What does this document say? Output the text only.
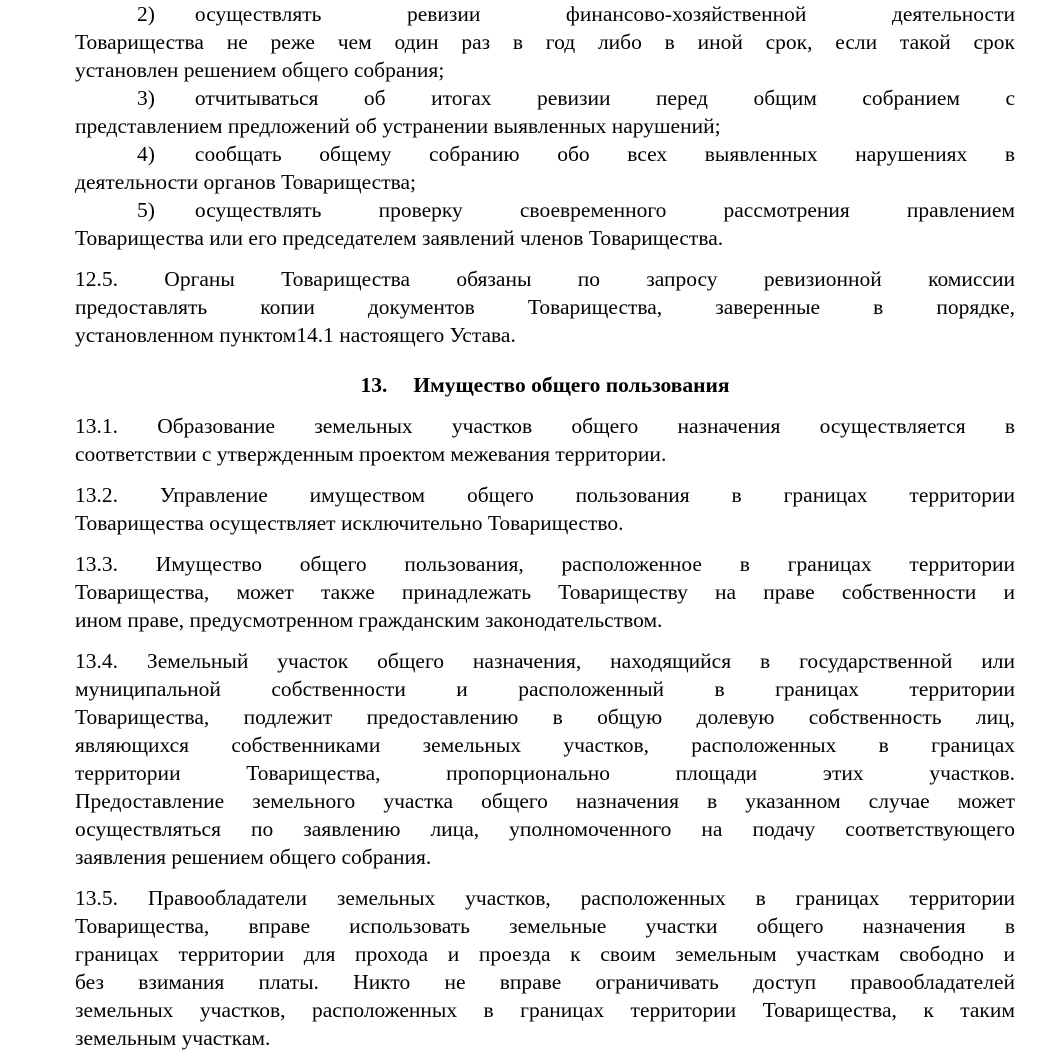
2) осуществлять ревизии финансово-хозяйственной деятельности
Товарищества не реже чем один раз в год либо в иной срок, если такой срок
установлен решением общего собрания;
3) отчитываться об итогах ревизии перед общим собранием с
представлением предложений об устранении выявленных нарушений;
4) сообщать общему собранию обо всех выявленных нарушениях в
деятельности органов Товарищества;
5) осуществлять проверку своевременного рассмотрения правлением
Товарищества или его председателем заявлений членов Товарищества.
12.5. Органы Товарищества обязаны по запросу ревизионной комиссии
предоставлять копии документов Товарищества, заверенные в порядке,
установленном пунктом14.1 настоящего Устава.
13. Имущество общего пользования
13.1. Образование земельных участков общего назначения осуществляется в
соответствии с утвержденным проектом межевания территории.
13.2. Управление имуществом общего пользования в границах территории
Товарищества осуществляет исключительно Товарищество.
13.3. Имущество общего пользования, расположенное в границах территории
Товарищества, может также принадлежать Товариществу на праве собственности и
ином праве, предусмотренном гражданским законодательством.
13.4. Земельный участок общего назначения, находящийся в государственной или
муниципальной собственности и расположенный в границах территории
Товарищества, подлежит предоставлению в общую долевую собственность лиц,
являющихся собственниками земельных участков, расположенных в границах
территории Товарищества, пропорционально площади этих участков.
Предоставление земельного участка общего назначения в указанном случае может
осуществляться по заявлению лица, уполномоченного на подачу соответствующего
заявления решением общего собрания.
13.5. Правообладатели земельных участков, расположенных в границах территории
Товарищества, вправе использовать земельные участки общего назначения в
границах территории для прохода и проезда к своим земельным участкам свободно и
без взимания платы. Никто не вправе ограничивать доступ правообладателей
земельных участков, расположенных в границах территории Товарищества, к таким
земельным участкам.
